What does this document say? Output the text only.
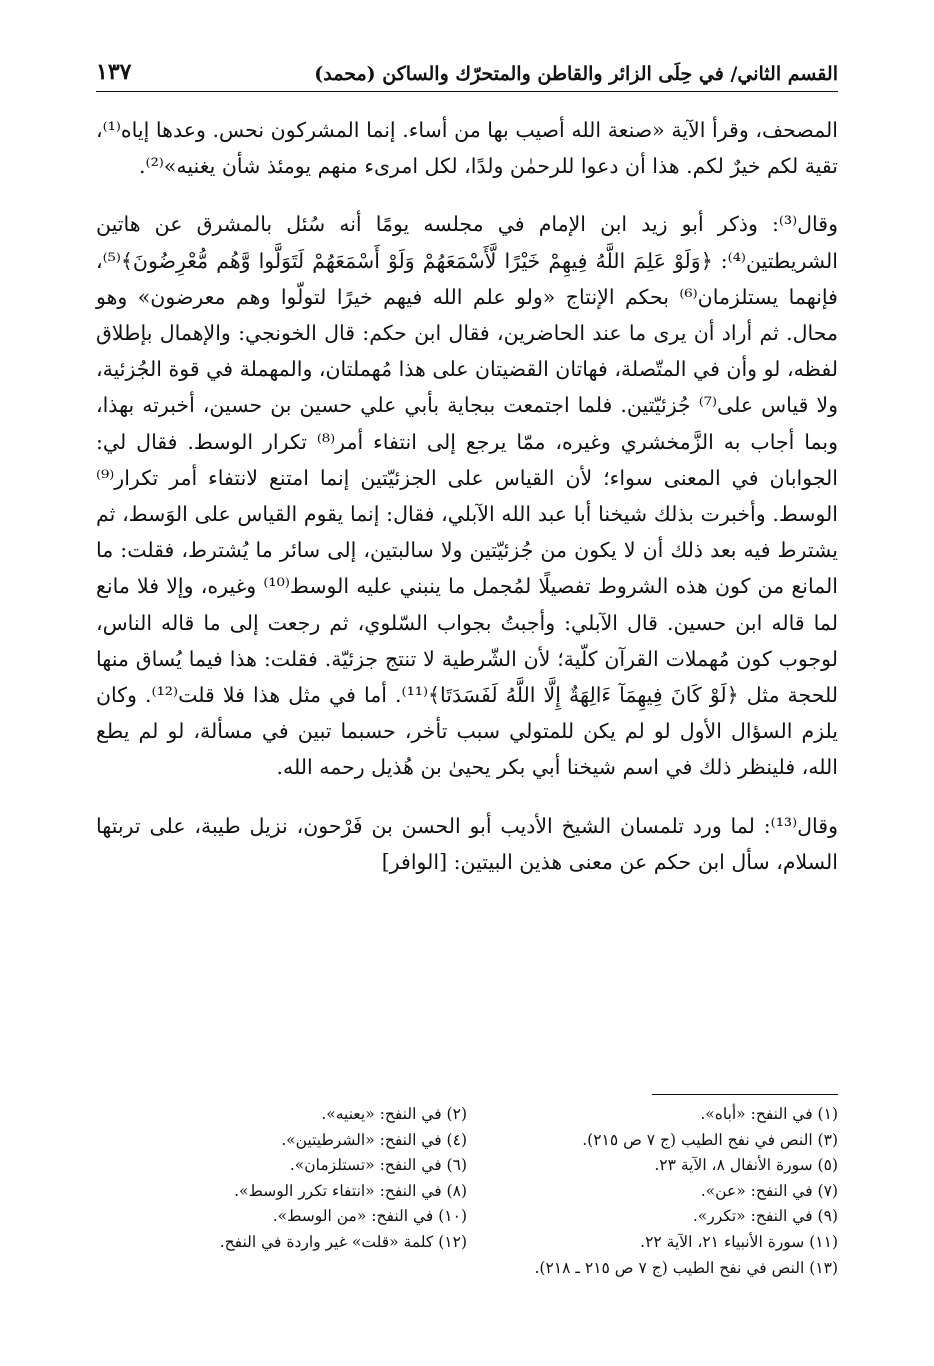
القسم الثاني/ في حِلَى الزائر والقاطن والمتحرّك والساكن (محمد)
١٣٧

المصحف، وقرأ الآية «صنعة الله أصيب بها من أساء. إنما المشركون نحس. وعدها إياه⁽¹⁾، تقية لكم خيرٌ لكم. هذا أن دعوا للرحمٰن ولدًا، لكل امرىء منهم يومئذ شأن يغنيه»⁽²⁾.

وقال⁽³⁾: وذكر أبو زيد ابن الإمام في مجلسه يومًا أنه سُئل بالمشرق عن هاتين الشريطتين⁽⁴⁾: ﴿وَلَوْ عَلِمَ اللَّهُ فِيهِمْ خَيْرًا لَّأَسْمَعَهُمْ وَلَوْ أَسْمَعَهُمْ لَتَوَلَّوا وَّهُم مُّعْرِضُونَ﴾⁽⁵⁾، فإنهما يستلزمان⁽⁶⁾ بحكم الإنتاج «ولو علم الله فيهم خيرًا لتولّوا وهم معرضون» وهو محال. ثم أراد أن يرى ما عند الحاضرين، فقال ابن حكم: قال الخونجي: والإهمال بإطلاق لفظه، لو وأن في المتّصلة، فهاتان القضيتان على هذا مُهملتان، والمهملة في قوة الجُزئية، ولا قياس على⁽⁷⁾ جُزئيّتين. فلما اجتمعت ببجاية بأبي علي حسين بن حسين، أخبرته بهذا، وبما أجاب به الزَّمخشري وغيره، ممّا يرجع إلى انتفاء أمر⁽⁸⁾ تكرار الوسط. فقال لي: الجوابان في المعنى سواء؛ لأن القياس على الجزئيّتين إنما امتنع لانتفاء أمر تكرار⁽⁹⁾ الوسط. وأخبرت بذلك شيخنا أبا عبد الله الآبلي، فقال: إنما يقوم القياس على الوَسط، ثم يشترط فيه بعد ذلك أن لا يكون من جُزئيّتين ولا سالبتين، إلى سائر ما يُشترط، فقلت: ما المانع من كون هذه الشروط تفصيلًا لمُجمل ما ينبني عليه الوسط⁽¹⁰⁾ وغيره، وإلا فلا مانع لما قاله ابن حسين. قال الآبلي: وأجبتُ بجواب السّلوي، ثم رجعت إلى ما قاله الناس، لوجوب كون مُهملات القرآن كلّية؛ لأن الشّرطية لا تنتج جزئيّة. فقلت: هذا فيما يُساق منها للحجة مثل ﴿لَوْ كَانَ فِيهِمَآ ءَالِهَةٌ إِلَّا اللَّهُ لَفَسَدَتَا﴾⁽¹¹⁾. أما في مثل هذا فلا قلت⁽¹²⁾. وكان يلزم السؤال الأول لو لم يكن للمتولي سبب تأخر، حسبما تبين في مسألة، لو لم يطع الله، فلينظر ذلك في اسم شيخنا أبي بكر يحيىٰ بن هُذيل رحمه الله.

وقال⁽¹³⁾: لما ورد تلمسان الشيخ الأديب أبو الحسن بن فَرْحون، نزيل طيبة، على تربتها السلام، سأل ابن حكم عن معنى هذين البيتين: [الوافر]

(١) في النفح: «أباه».
(٢) في النفح: «يعنيه».
(٣) النص في نفح الطيب (ج ٧ ص ٢١٥).
(٤) في النفح: «الشرطيتين».
(٥) سورة الأنفال ٨، الآية ٢٣.
(٦) في النفح: «تستلزمان».
(٧) في النفح: «عن».
(٨) في النفح: «انتفاء تكرر الوسط».
(٩) في النفح: «تكرر».
(١٠) في النفح: «من الوسط».
(١١) سورة الأنبياء ٢١، الآية ٢٢.
(١٢) كلمة «قلت» غير واردة في النفح.
(١٣) النص في نفح الطيب (ج ٧ ص ٢١٥ ـ ٢١٨).
